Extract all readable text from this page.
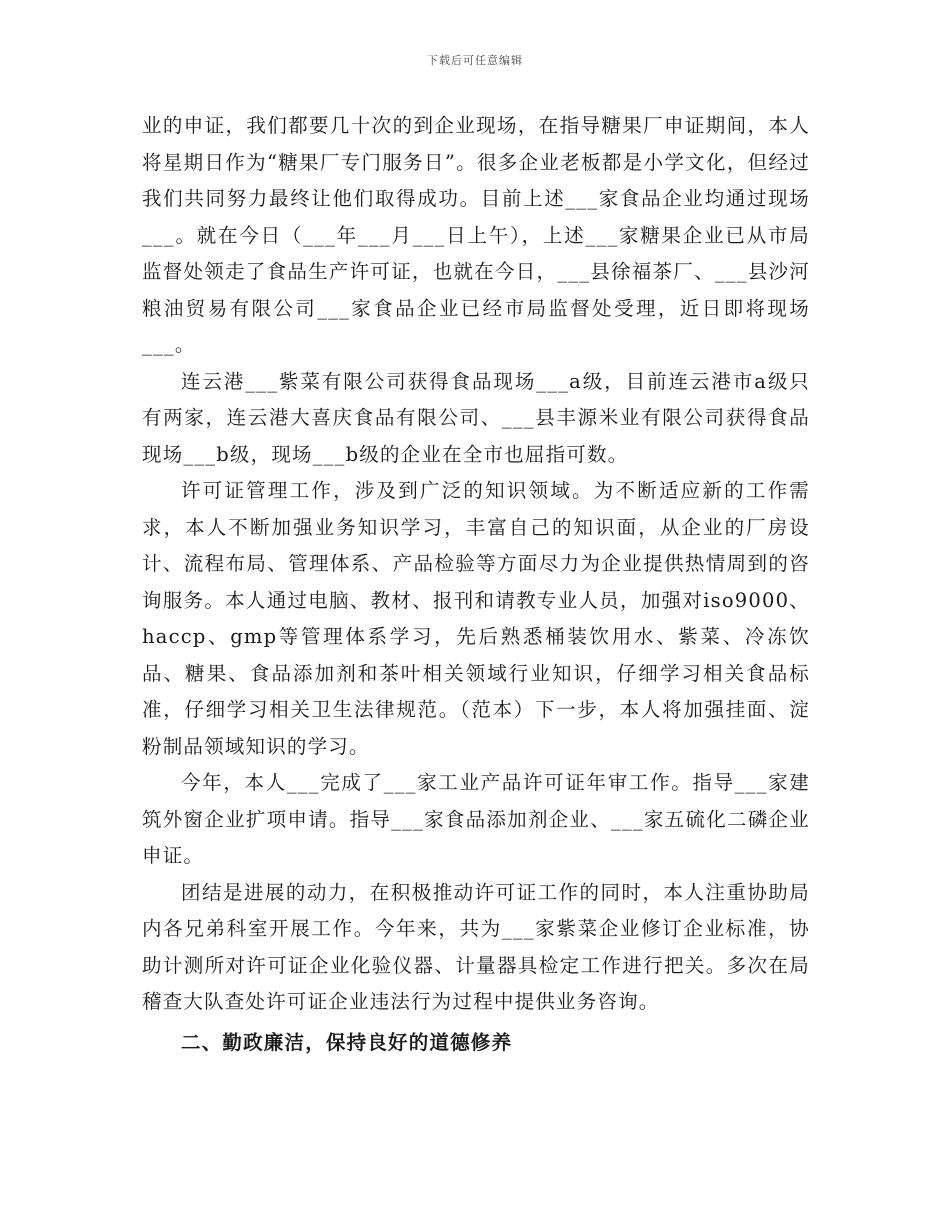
下载后可任意编辑

业的申证，我们都要几十次的到企业现场，在指导糖果厂申证期间，本人将星期日作为“糖果厂专门服务日”。很多企业老板都是小学文化，但经过我们共同努力最终让他们取得成功。目前上述___家食品企业均通过现场___。就在今日（___年___月___日上午），上述___家糖果企业已从市局监督处领走了食品生产许可证，也就在今日，___县徐福茶厂、___县沙河粮油贸易有限公司___家食品企业已经市局监督处受理，近日即将现场___。

连云港___紫菜有限公司获得食品现场___a级，目前连云港市a级只有两家，连云港大喜庆食品有限公司、___县丰源米业有限公司获得食品现场___b级，现场___b级的企业在全市也屈指可数。

许可证管理工作，涉及到广泛的知识领域。为不断适应新的工作需求，本人不断加强业务知识学习，丰富自己的知识面，从企业的厂房设计、流程布局、管理体系、产品检验等方面尽力为企业提供热情周到的咨询服务。本人通过电脑、教材、报刊和请教专业人员，加强对iso9000、haccp、gmp等管理体系学习，先后熟悉桶装饮用水、紫菜、冷冻饮品、糖果、食品添加剂和茶叶相关领域行业知识，仔细学习相关食品标准，仔细学习相关卫生法律规范。（范本）下一步，本人将加强挂面、淀粉制品领域知识的学习。

今年，本人___完成了___家工业产品许可证年审工作。指导___家建筑外窗企业扩项申请。指导___家食品添加剂企业、___家五硫化二磷企业申证。

团结是进展的动力，在积极推动许可证工作的同时，本人注重协助局内各兄弟科室开展工作。今年来，共为___家紫菜企业修订企业标准，协助计测所对许可证企业化验仪器、计量器具检定工作进行把关。多次在局稽查大队查处许可证企业违法行为过程中提供业务咨询。

二、勤政廉洁，保持良好的道德修养
